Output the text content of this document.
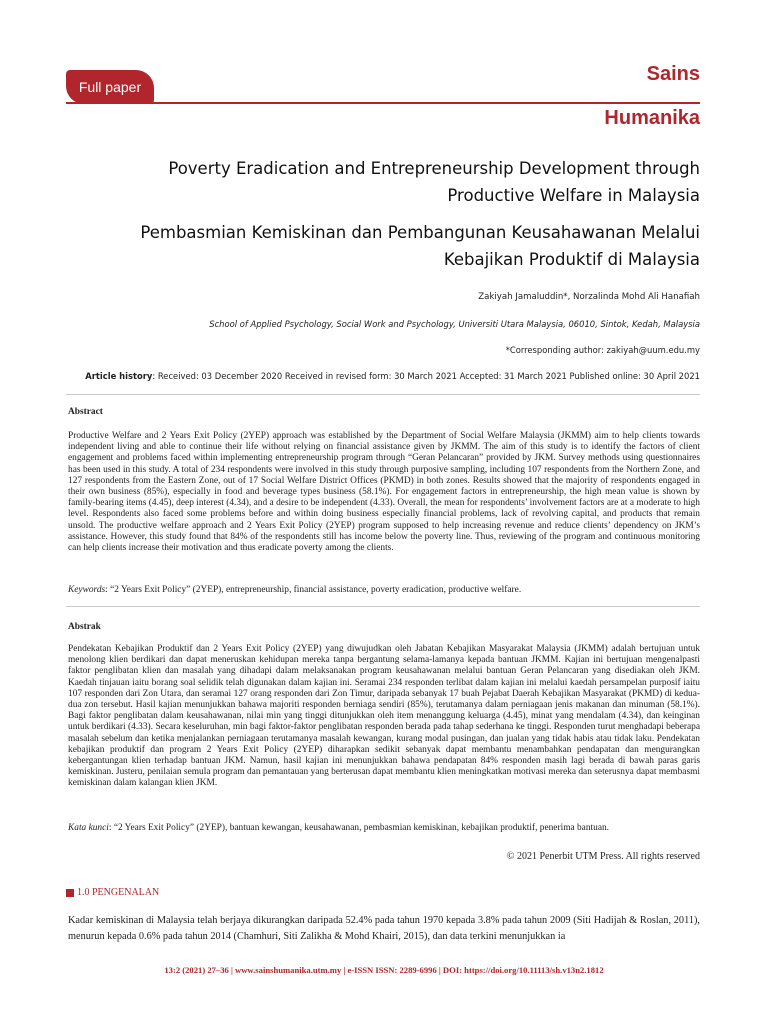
Full paper
Sains
Humanika
Poverty Eradication and Entrepreneurship Development through
Productive Welfare in Malaysia
Pembasmian Kemiskinan dan Pembangunan Keusahawanan Melalui
Kebajikan Produktif di Malaysia
Zakiyah Jamaluddin*, Norzalinda Mohd Ali Hanafiah
School of Applied Psychology, Social Work and Psychology, Universiti Utara Malaysia, 06010, Sintok, Kedah, Malaysia
*Corresponding author: zakiyah@uum.edu.my
Article history: Received: 03 December 2020 Received in revised form: 30 March 2021 Accepted: 31 March 2021 Published online: 30 April 2021
Abstract

Productive Welfare and 2 Years Exit Policy (2YEP) approach was established by the Department of Social Welfare Malaysia (JKMM) aim to help clients towards independent living and able to continue their life without relying on financial assistance given by JKMM. The aim of this study is to identify the factors of client engagement and problems faced within implementing entrepreneurship program through “Geran Pelancaran” provided by JKM. Survey methods using questionnaires has been used in this study. A total of 234 respondents were involved in this study through purposive sampling, including 107 respondents from the Northern Zone, and 127 respondents from the Eastern Zone, out of 17 Social Welfare District Offices (PKMD) in both zones. Results showed that the majority of respondents engaged in their own business (85%), especially in food and beverage types business (58.1%). For engagement factors in entrepreneurship, the high mean value is shown by family-bearing items (4.45), deep interest (4.34), and a desire to be independent (4.33). Overall, the mean for respondents’ involvement factors are at a moderate to high level. Respondents also faced some problems before and within doing business especially financial problems, lack of revolving capital, and products that remain unsold. The productive welfare approach and 2 Years Exit Policy (2YEP) program supposed to help increasing revenue and reduce clients’ dependency on JKM’s assistance. However, this study found that 84% of the respondents still has income below the poverty line. Thus, reviewing of the program and continuous monitoring can help clients increase their motivation and thus eradicate poverty among the clients.

Keywords: “2 Years Exit Policy” (2YEP), entrepreneurship, financial assistance, poverty eradication, productive welfare.
Abstrak

Pendekatan Kebajikan Produktif dan 2 Years Exit Policy (2YEP) yang diwujudkan oleh Jabatan Kebajikan Masyarakat Malaysia (JKMM) adalah bertujuan untuk menolong klien berdikari dan dapat meneruskan kehidupan mereka tanpa bergantung selama-lamanya kepada bantuan JKMM. Kajian ini bertujuan mengenalpasti faktor penglibatan klien dan masalah yang dihadapi dalam melaksanakan program keusahawanan melalui bantuan Geran Pelancaran yang disediakan oleh JKM. Kaedah tinjauan iaitu borang soal selidik telah digunakan dalam kajian ini. Seramai 234 responden terlibat dalam kajian ini melalui kaedah persampelan purposif iaitu 107 responden dari Zon Utara, dan seramai 127 orang responden dari Zon Timur, daripada sebanyak 17 buah Pejabat Daerah Kebajikan Masyarakat (PKMD) di kedua-dua zon tersebut. Hasil kajian menunjukkan bahawa majoriti responden berniaga sendiri (85%), terutamanya dalam perniagaan jenis makanan dan minuman (58.1%). Bagi faktor penglibatan dalam keusahawanan, nilai min yang tinggi ditunjukkan oleh item menanggung keluarga (4.45), minat yang mendalam (4.34), dan keinginan untuk berdikari (4.33). Secara keseluruhan, min bagi faktor-faktor penglibatan responden berada pada tahap sederhana ke tinggi. Responden turut menghadapi beberapa masalah sebelum dan ketika menjalankan perniagaan terutamanya masalah kewangan, kurang modal pusingan, dan jualan yang tidak habis atau tidak laku. Pendekatan kebajikan produktif dan program 2 Years Exit Policy (2YEP) diharapkan sedikit sebanyak dapat membantu menambahkan pendapatan dan mengurangkan kebergantungan klien terhadap bantuan JKM. Namun, hasil kajian ini menunjukkan bahawa pendapatan 84% responden masih lagi berada di bawah paras garis kemiskinan. Justeru, penilaian semula program dan pemantauan yang berterusan dapat membantu klien meningkatkan motivasi mereka dan seterusnya dapat membasmi kemiskinan dalam kalangan klien JKM.

Kata kunci: “2 Years Exit Policy” (2YEP), bantuan kewangan, keusahawanan, pembasmian kemiskinan, kebajikan produktif, penerima bantuan.
© 2021 Penerbit UTM Press. All rights reserved
1.0 PENGENALAN

Kadar kemiskinan di Malaysia telah berjaya dikurangkan daripada 52.4% pada tahun 1970 kepada 3.8% pada tahun 2009 (Siti Hadijah & Roslan, 2011), menurun kepada 0.6% pada tahun 2014 (Chamhuri, Siti Zalikha & Mohd Khairi, 2015), dan data terkini menunjukkan ia

13:2 (2021) 27–36 | www.sainshumanika.utm.my | e-ISSN ISSN: 2289-6996 | DOI: https://doi.org/10.11113/sh.v13n2.1812
